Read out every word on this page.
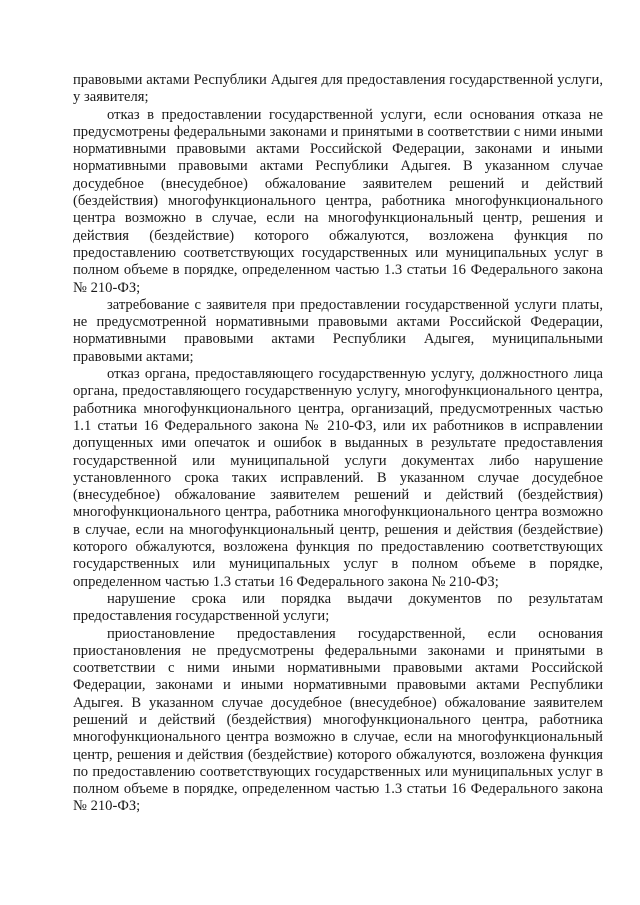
правовыми актами Республики Адыгея для предоставления государственной услуги, у заявителя;

отказ в предоставлении государственной услуги, если основания отказа не предусмотрены федеральными законами и принятыми в соответствии с ними иными нормативными правовыми актами Российской Федерации, законами и иными нормативными правовыми актами Республики Адыгея. В указанном случае досудебное (внесудебное) обжалование заявителем решений и действий (бездействия) многофункционального центра, работника многофункционального центра возможно в случае, если на многофункциональный центр, решения и действия (бездействие) которого обжалуются, возложена функция по предоставлению соответствующих государственных или муниципальных услуг в полном объеме в порядке, определенном частью 1.3 статьи 16 Федерального закона № 210-ФЗ;

затребование с заявителя при предоставлении государственной услуги платы, не предусмотренной нормативными правовыми актами Российской Федерации, нормативными правовыми актами Республики Адыгея, муниципальными правовыми актами;

отказ органа, предоставляющего государственную услугу, должностного лица органа, предоставляющего государственную услугу, многофункционального центра, работника многофункционального центра, организаций, предусмотренных частью 1.1 статьи 16 Федерального закона № 210-ФЗ, или их работников в исправлении допущенных ими опечаток и ошибок в выданных в результате предоставления государственной или муниципальной услуги документах либо нарушение установленного срока таких исправлений. В указанном случае досудебное (внесудебное) обжалование заявителем решений и действий (бездействия) многофункционального центра, работника многофункционального центра возможно в случае, если на многофункциональный центр, решения и действия (бездействие) которого обжалуются, возложена функция по предоставлению соответствующих государственных или муниципальных услуг в полном объеме в порядке, определенном частью 1.3 статьи 16 Федерального закона № 210-ФЗ;

нарушение срока или порядка выдачи документов по результатам предоставления государственной услуги;

приостановление предоставления государственной, если основания приостановления не предусмотрены федеральными законами и принятыми в соответствии с ними иными нормативными правовыми актами Российской Федерации, законами и иными нормативными правовыми актами Республики Адыгея. В указанном случае досудебное (внесудебное) обжалование заявителем решений и действий (бездействия) многофункционального центра, работника многофункционального центра возможно в случае, если на многофункциональный центр, решения и действия (бездействие) которого обжалуются, возложена функция по предоставлению соответствующих государственных или муниципальных услуг в полном объеме в порядке, определенном частью 1.3 статьи 16 Федерального закона № 210-ФЗ;
